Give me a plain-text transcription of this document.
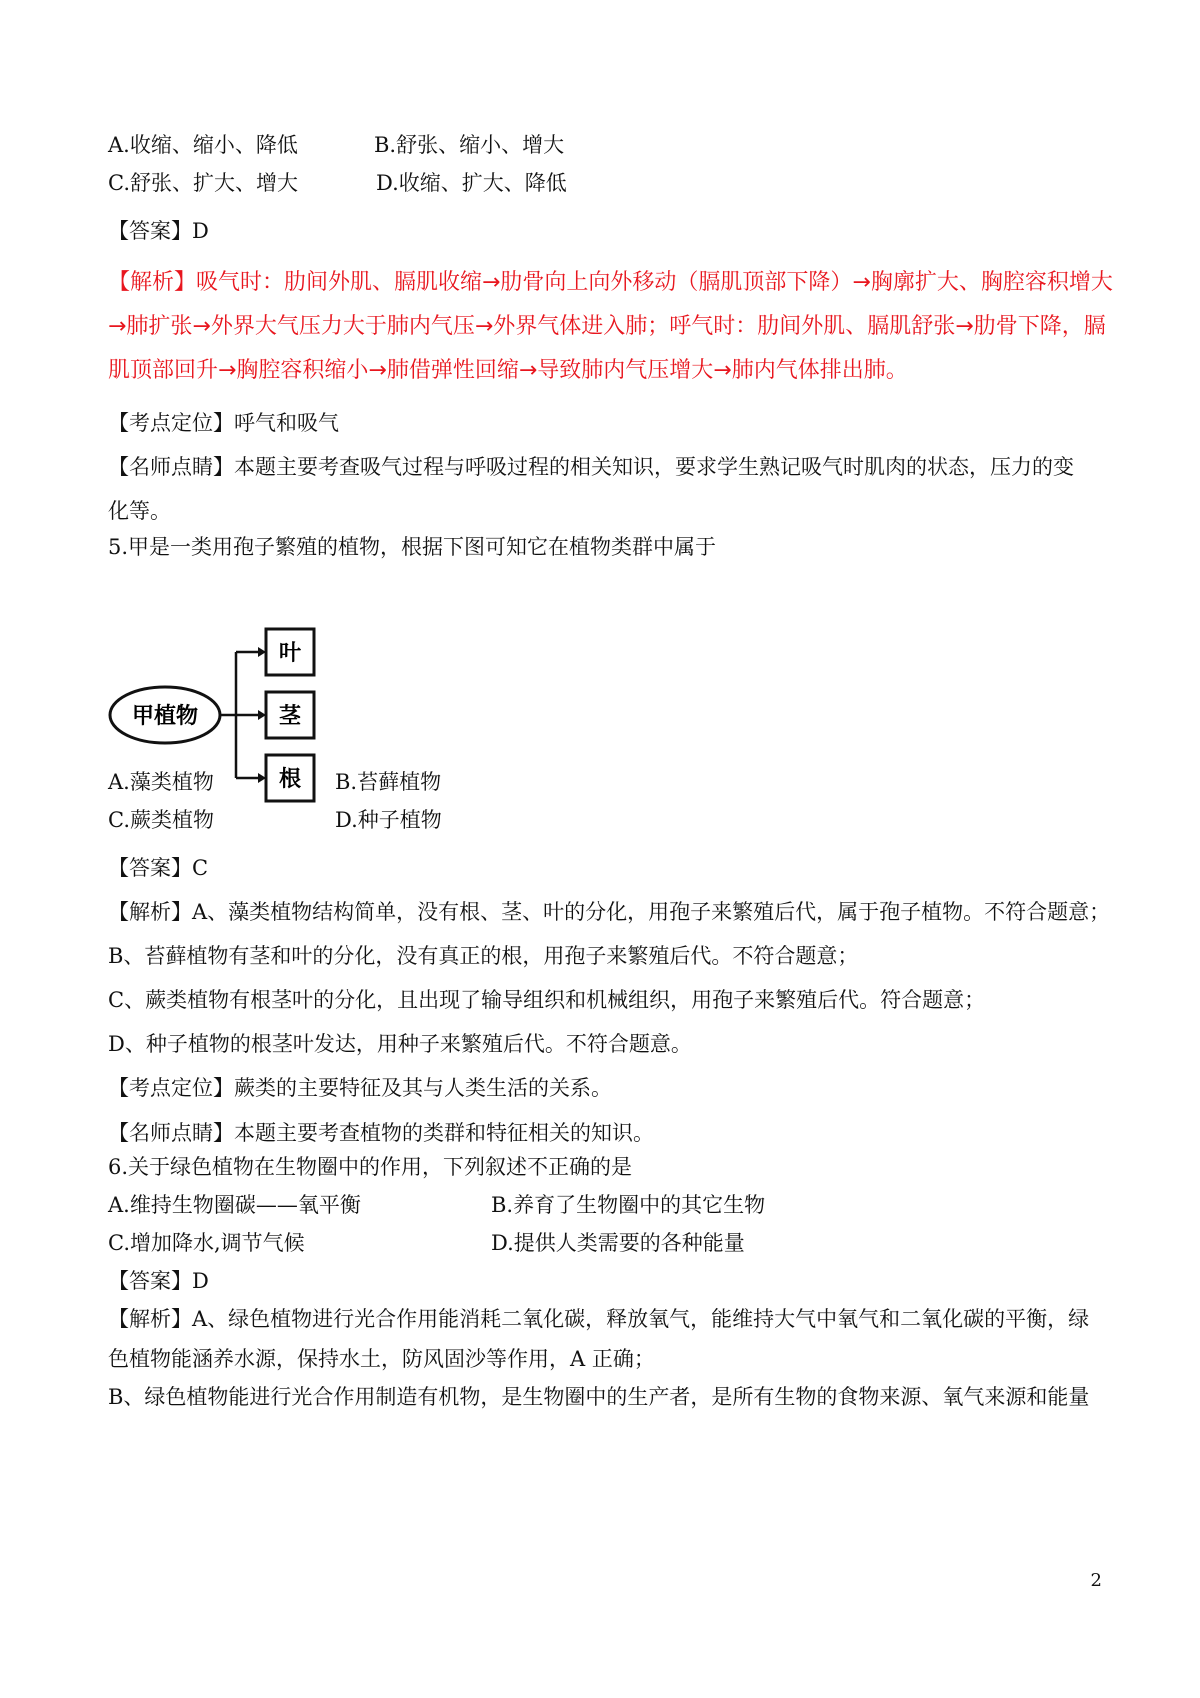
A.收缩、缩小、降低	B.舒张、缩小、增大
C.舒张、扩大、增大	D.收缩、扩大、降低
【答案】D
【解析】吸气时：肋间外肌、膈肌收缩→肋骨向上向外移动（膈肌顶部下降）→胸廓扩大、胸腔容积增大
→肺扩张→外界大气压力大于肺内气压→外界气体进入肺；呼气时：肋间外肌、膈肌舒张→肋骨下降，膈
肌顶部回升→胸腔容积缩小→肺借弹性回缩→导致肺内气压增大→肺内气体排出肺。
【考点定位】呼气和吸气
【名师点睛】本题主要考查吸气过程与呼吸过程的相关知识，要求学生熟记吸气时肌肉的状态，压力的变
化等。
5.甲是一类用孢子繁殖的植物，根据下图可知它在植物类群中属于
甲植物
叶
茎
根
A.藻类植物	B.苔藓植物
C.蕨类植物	D.种子植物
【答案】C
【解析】A、藻类植物结构简单，没有根、茎、叶的分化，用孢子来繁殖后代，属于孢子植物。不符合题意；
B、苔藓植物有茎和叶的分化，没有真正的根，用孢子来繁殖后代。不符合题意；
C、蕨类植物有根茎叶的分化，且出现了输导组织和机械组织，用孢子来繁殖后代。符合题意；
D、种子植物的根茎叶发达，用种子来繁殖后代。不符合题意。
【考点定位】蕨类的主要特征及其与人类生活的关系。
【名师点睛】本题主要考查植物的类群和特征相关的知识。
6.关于绿色植物在生物圈中的作用，下列叙述不正确的是
A.维持生物圈碳——氧平衡	B.养育了生物圈中的其它生物
C.增加降水,调节气候	D.提供人类需要的各种能量
【答案】D
【解析】A、绿色植物进行光合作用能消耗二氧化碳，释放氧气，能维持大气中氧气和二氧化碳的平衡，绿
色植物能涵养水源，保持水土，防风固沙等作用，A 正确；
B、绿色植物能进行光合作用制造有机物，是生物圈中的生产者，是所有生物的食物来源、氧气来源和能量
2
